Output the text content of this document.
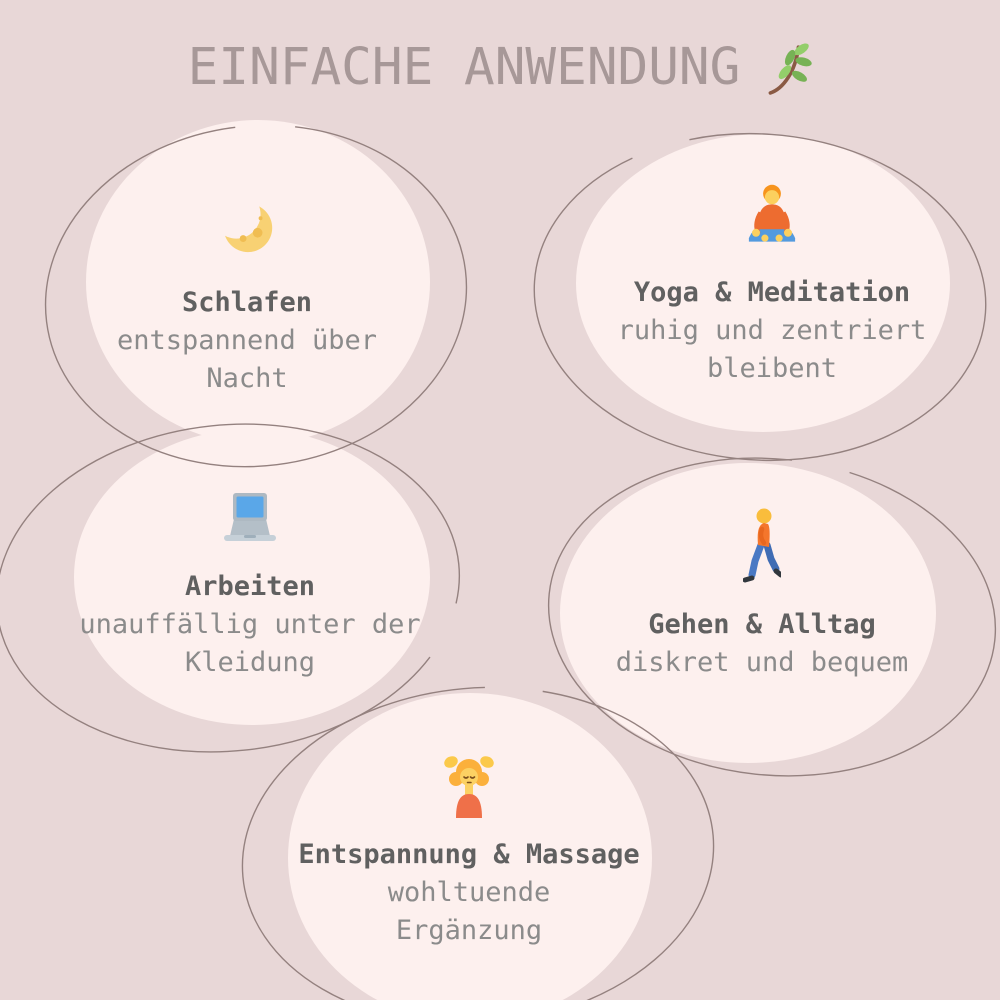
EINFACHE ANWENDUNG
Schlafen
entspannend über
Nacht
Yoga & Meditation
ruhig und zentriert
bleibent
Arbeiten
unauffällig unter der
Kleidung
Gehen & Alltag
diskret und bequem
Entspannung & Massage
wohltuende
Ergänzung
